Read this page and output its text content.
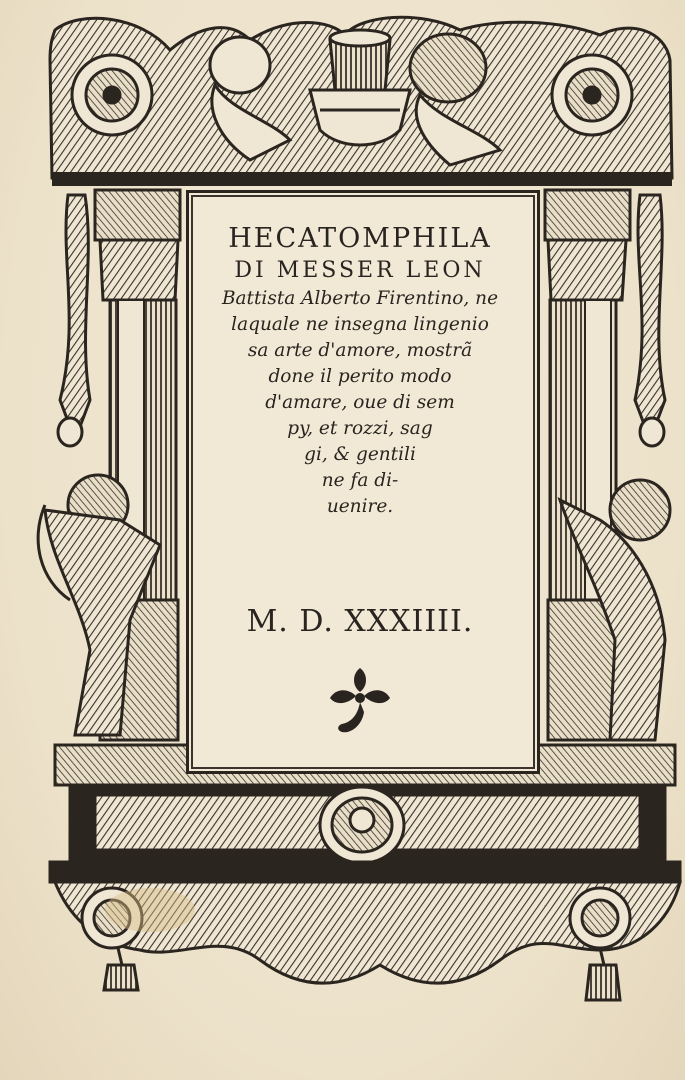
HECATOMPHILA
DI MESSER LEON
Battista Alberto Firentino, ne
laquale ne insegna lingenio
sa arte d'amore, mostrã
done il perito modo
d'amare, oue di sem
py, et rozzi, sag
gi, & gentili
ne fa di-
uenire.
M. D. XXXIIII.
